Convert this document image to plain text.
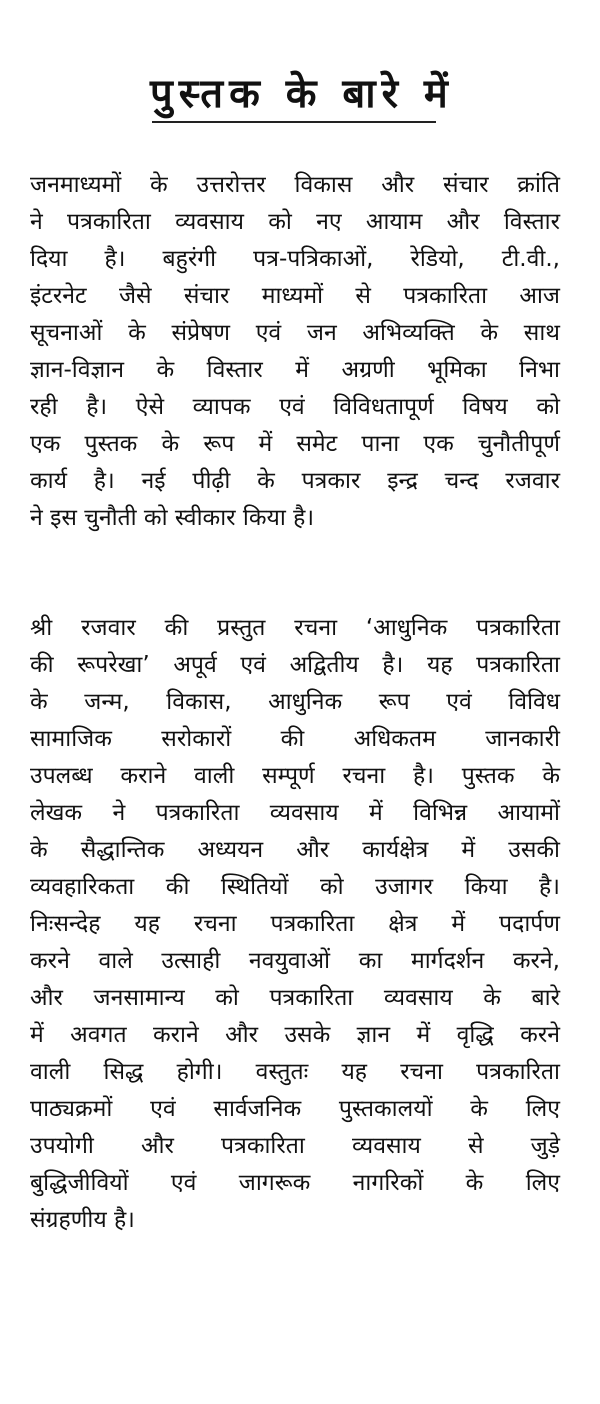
पुस्तक के बारे में
जनमाध्यमों के उत्तरोत्तर विकास और संचार क्रांति
ने पत्रकारिता व्यवसाय को नए आयाम और विस्तार
दिया है। बहुरंगी पत्र-पत्रिकाओं, रेडियो, टी.वी.,
इंटरनेट जैसे संचार माध्यमों से पत्रकारिता आज
सूचनाओं के संप्रेषण एवं जन अभिव्यक्ति के साथ
ज्ञान-विज्ञान के विस्तार में अग्रणी भूमिका निभा
रही है। ऐसे व्यापक एवं विविधतापूर्ण विषय को
एक पुस्तक के रूप में समेट पाना एक चुनौतीपूर्ण
कार्य है। नई पीढ़ी के पत्रकार इन्द्र चन्द रजवार
ने इस चुनौती को स्वीकार किया है।
श्री रजवार की प्रस्तुत रचना ‘आधुनिक पत्रकारिता
की रूपरेखा’ अपूर्व एवं अद्वितीय है। यह पत्रकारिता
के जन्म, विकास, आधुनिक रूप एवं विविध
सामाजिक सरोकारों की अधिकतम जानकारी
उपलब्ध कराने वाली सम्पूर्ण रचना है। पुस्तक के
लेखक ने पत्रकारिता व्यवसाय में विभिन्न आयामों
के सैद्धान्तिक अध्ययन और कार्यक्षेत्र में उसकी
व्यवहारिकता की स्थितियों को उजागर किया है।
निःसन्देह यह रचना पत्रकारिता क्षेत्र में पदार्पण
करने वाले उत्साही नवयुवाओं का मार्गदर्शन करने,
और जनसामान्य को पत्रकारिता व्यवसाय के बारे
में अवगत कराने और उसके ज्ञान में वृद्धि करने
वाली सिद्ध होगी। वस्तुतः यह रचना पत्रकारिता
पाठ्यक्रमों एवं सार्वजनिक पुस्तकालयों के लिए
उपयोगी और पत्रकारिता व्यवसाय से जुड़े
बुद्धिजीवियों एवं जागरूक नागरिकों के लिए
संग्रहणीय है।
